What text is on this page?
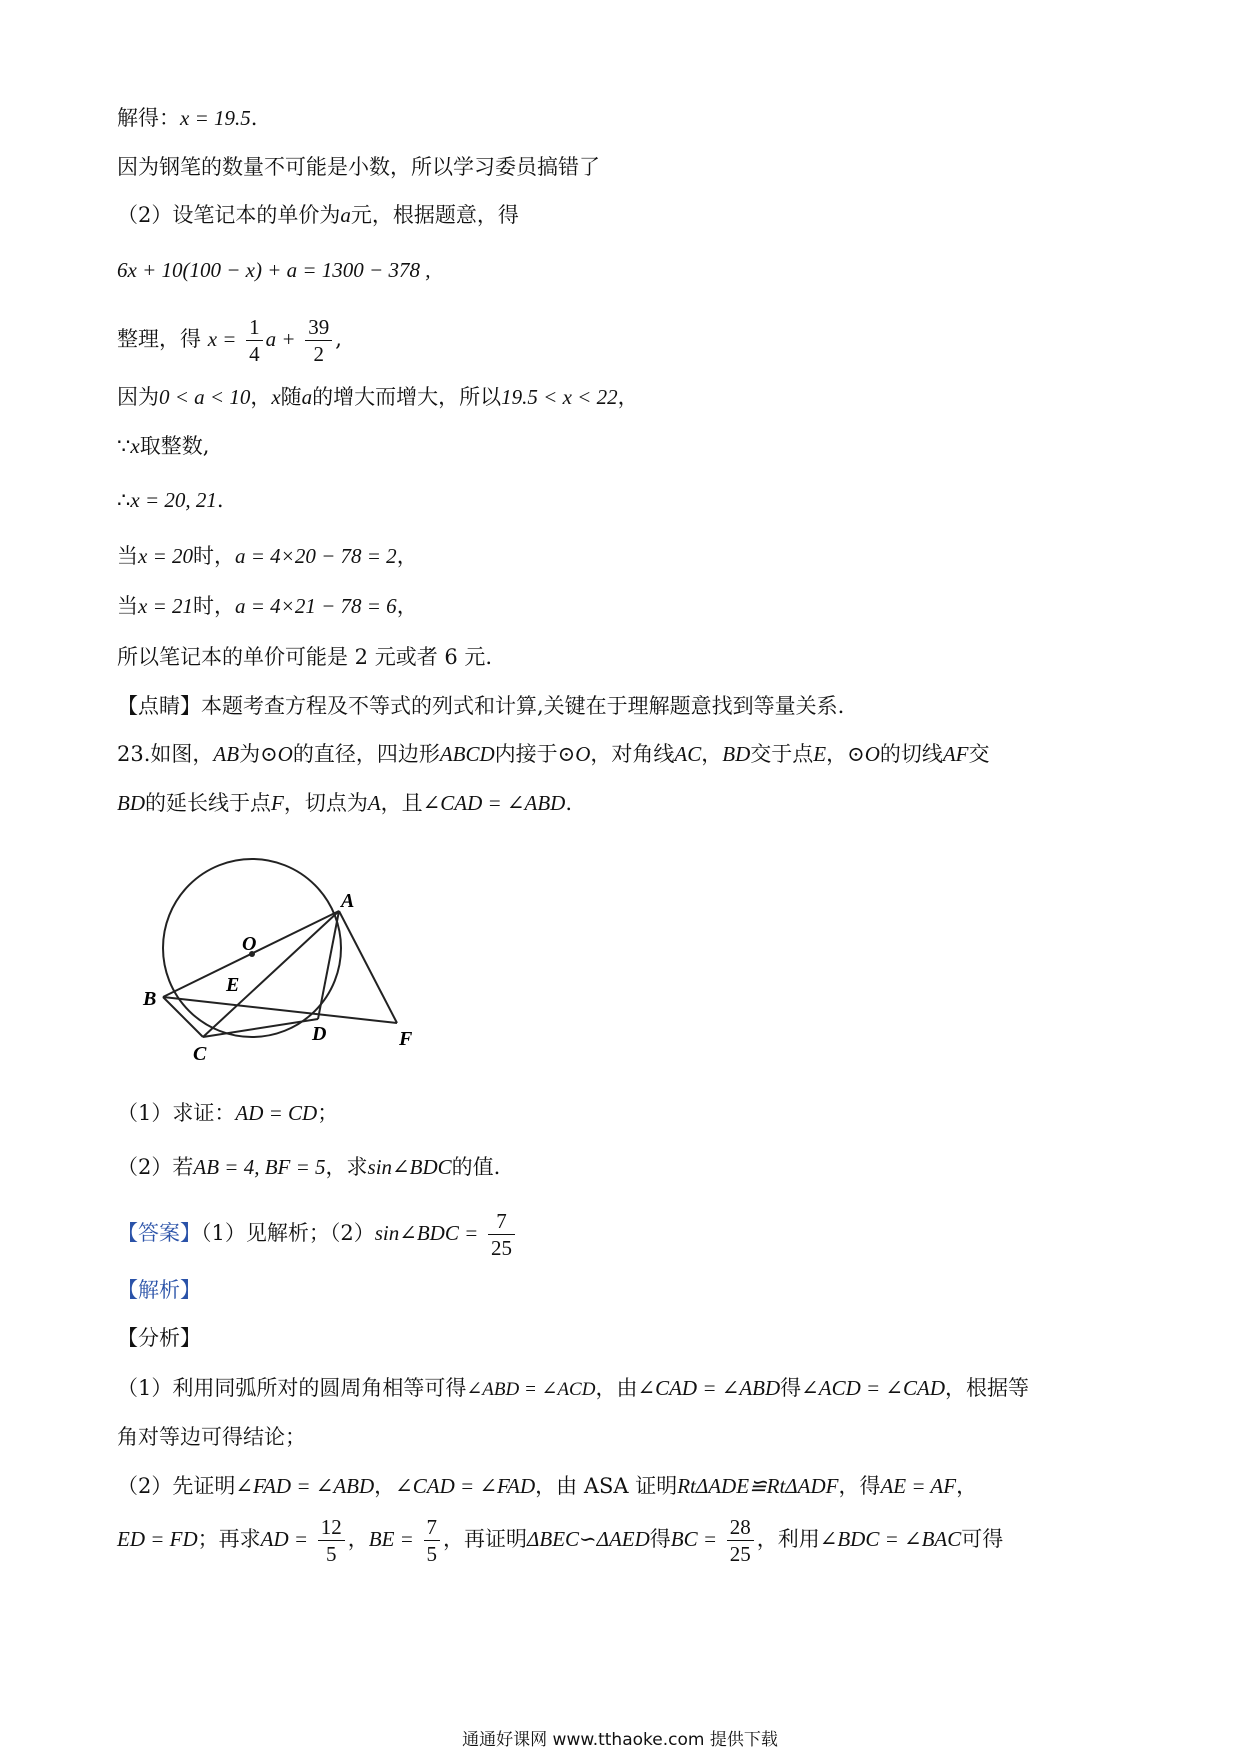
解得：x = 19.5.
因为钢笔的数量不可能是小数，所以学习委员搞错了
（2）设笔记本的单价为a元，根据题意，得
6x + 10(100 − x) + a = 1300 − 378 ,
整理，得 $x = \frac{1}{4}$ $a + \frac{39}{2}$ ,
因为0 < a < 10，x随a的增大而增大，所以19.5 < x < 22，
∵x取整数,
∴x = 20, 21.
当x = 20时，a = 4×20 − 78 = 2，
当x = 21时，a = 4×21 − 78 = 6，
所以笔记本的单价可能是 2 元或者 6 元.
【点睛】本题考查方程及不等式的列式和计算,关键在于理解题意找到等量关系.
23.如图，AB为⊙O的直径，四边形ABCD内接于⊙O，对角线AC，BD交于点E，⊙O的切线AF交
BD的延长线于点F，切点为A，且∠CAD = ∠ABD.
A
O
B
E
C
D	F
（1）求证：AD = CD；
（2）若AB = 4, BF = 5，求sin∠BDC的值.
【答案】（1）见解析；（2）sin∠BDC = $\frac{7}{25}$
【解析】
【分析】
（1）利用同弧所对的圆周角相等可得∠ABD = ∠ACD，由∠CAD = ∠ABD得∠ACD = ∠CAD，根据等
角对等边可得结论；
（2）先证明∠FAD = ∠ABD，∠CAD = ∠FAD，由 ASA 证明RtΔADE≌RtΔADF，得AE = AF，
ED = FD；再求AD = $\frac{12}{5}$ ，BE = $\frac{7}{5}$ ，再证明ΔBEC∽ΔAED得BC = $\frac{28}{25}$ ，利用∠BDC = ∠BAC可得
通通好课网 www.tthaoke.com 提供下载
